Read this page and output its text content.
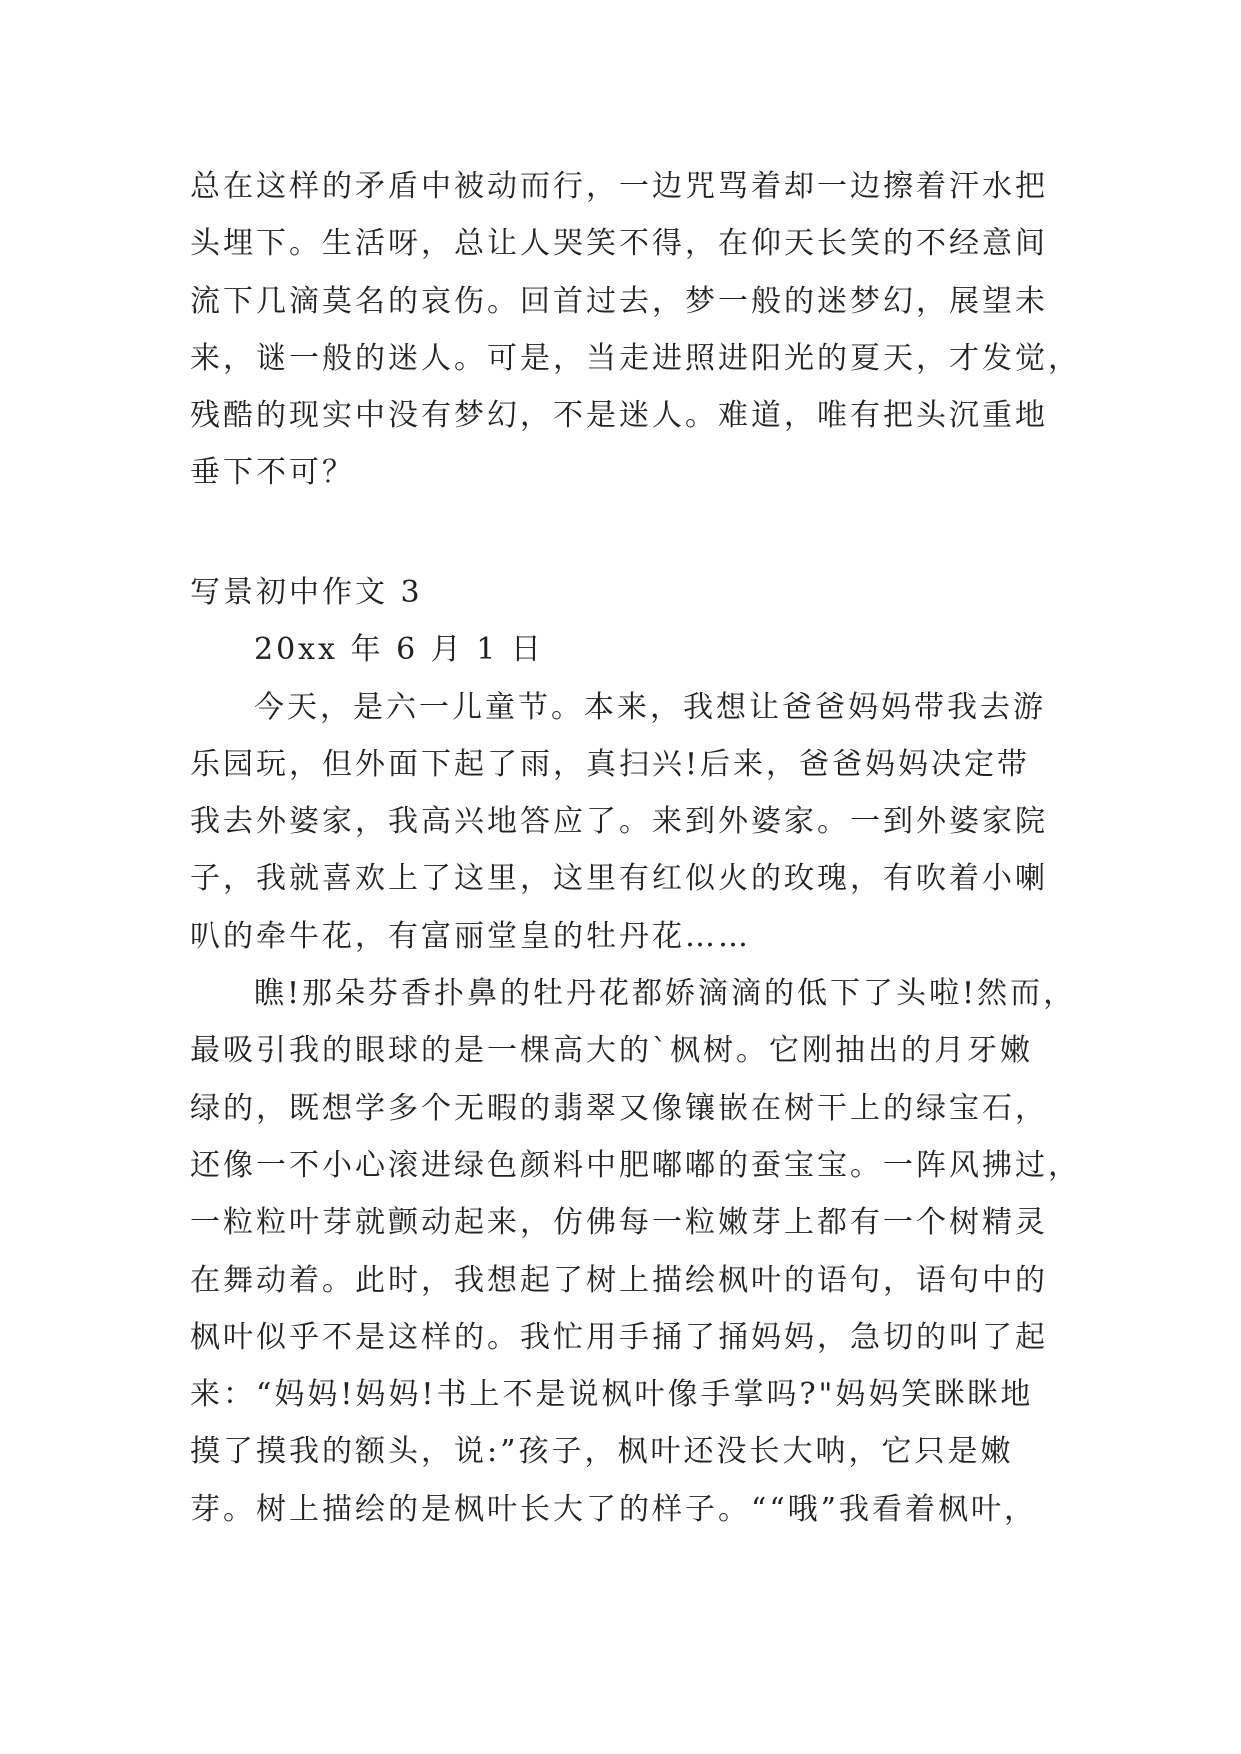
总在这样的矛盾中被动而行，一边咒骂着却一边擦着汗水把
头埋下。生活呀，总让人哭笑不得，在仰天长笑的不经意间
流下几滴莫名的哀伤。回首过去，梦一般的迷梦幻，展望未
来，谜一般的迷人。可是，当走进照进阳光的夏天，才发觉，
残酷的现实中没有梦幻，不是迷人。难道，唯有把头沉重地
垂下不可？
写景初中作文 3
20xx 年 6 月 1 日
今天，是六一儿童节。本来，我想让爸爸妈妈带我去游
乐园玩，但外面下起了雨，真扫兴!后来，爸爸妈妈决定带
我去外婆家，我高兴地答应了。来到外婆家。一到外婆家院
子，我就喜欢上了这里，这里有红似火的玫瑰，有吹着小喇
叭的牵牛花，有富丽堂皇的牡丹花……
瞧!那朵芬香扑鼻的牡丹花都娇滴滴的低下了头啦!然而，
最吸引我的眼球的是一棵高大的`枫树。它刚抽出的月牙嫩
绿的，既想学多个无暇的翡翠又像镶嵌在树干上的绿宝石，
还像一不小心滚进绿色颜料中肥嘟嘟的蚕宝宝。一阵风拂过，
一粒粒叶芽就颤动起来，仿佛每一粒嫩芽上都有一个树精灵
在舞动着。此时，我想起了树上描绘枫叶的语句，语句中的
枫叶似乎不是这样的。我忙用手捅了捅妈妈，急切的叫了起
来：“妈妈!妈妈!书上不是说枫叶像手掌吗?"妈妈笑眯眯地
摸了摸我的额头，说:”孩子，枫叶还没长大呐，它只是嫩
芽。树上描绘的是枫叶长大了的样子。““哦”我看着枫叶，
